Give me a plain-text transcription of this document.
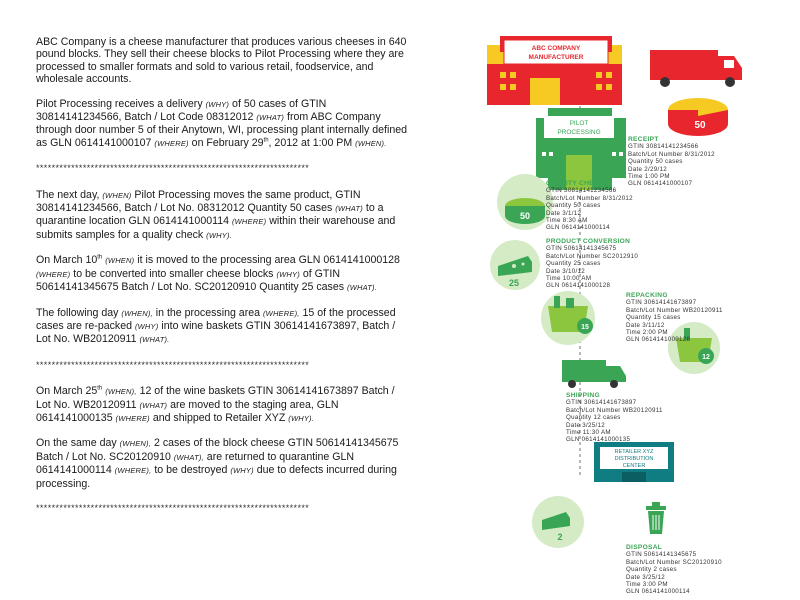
ABC Company is a cheese manufacturer that produces various cheeses in 640 pound blocks. They sell their cheese blocks to Pilot Processing where they are processed to smaller formats and sold to various retail, foodservice, and wholesale accounts.

Pilot Processing receives a delivery (WHY) of 50 cases of GTIN 30814141234566, Batch / Lot Code 08312012 (WHAT) from ABC Company through door number 5 of their Anytown, WI, processing plant internally defined as GLN 0614141000107 (WHERE) on February 29th, 2012 at 1:00 PM (WHEN).

**********************************************************************

The next day, (WHEN) Pilot Processing moves the same product, GTIN 30814141234566, Batch / Lot No. 08312012 Quantity 50 cases (WHAT) to a quarantine location GLN 0614141000114 (WHERE) within their warehouse and submits samples for a quality check (WHY).

On March 10th (WHEN) it is moved to the processing area GLN 0614141000128 (WHERE) to be converted into smaller cheese blocks (WHY) of GTIN 50614141345675 Batch / Lot No. SC20120910 Quantity 25 cases (WHAT).

The following day (WHEN), in the processing area (WHERE), 15 of the processed cases are re-packed (WHY) into wine baskets GTIN 30614141673897, Batch / Lot No. WB20120911 (WHAT).

**********************************************************************

On March 25th (WHEN), 12 of the wine baskets GTIN 30614141673897 Batch / Lot No. WB20120911 (WHAT) are moved to the staging area, GLN 0614141000135 (WHERE) and shipped to Retailer XYZ (WHY).

On the same day (WHEN), 2 cases of the block cheese GTIN 50614141345675 Batch / Lot No. SC20120910 (WHAT), are returned to quarantine GLN 0614141000114 (WHERE), to be destroyed (WHY) due to defects incurred during processing.

**********************************************************************
ABC COMPANY
MANUFACTURER
50
PILOT
PROCESSING
50
25
15
12
RETAILER XYZ
DISTRIBUTION
CENTER
2
RECEIPT
GTIN 30814141234566
Batch/Lot Number 8/31/2012
Quantity 50 cases
Date 2/29/12
Time 1:00 PM
GLN 0614141000107
QUALITY CHECK
GTIN 30814141234566
Batch/Lot Number 8/31/2012
Quantity 50 cases
Date 3/1/12
Time 8:30 AM
GLN 0614141000114
PRODUCT CONVERSION
GTIN 50614141345675
Batch/Lot Number SC2012910
Quantity 25 cases
Date 3/10/12
Time 10:00 AM
GLN 0614141000128
REPACKING
GTIN 30614141673897
Batch/Lot Number WB20120911
Quantity 15 cases
Date 3/11/12
Time 2:00 PM
GLN 0614141000128
SHIPPING
GTIN 30614141673897
Batch/Lot Number WB20120911
Quantity 12 cases
Date 3/25/12
Time 11:30 AM
GLN 0614141000135
DISPOSAL
GTIN 50614141345675
Batch/Lot Number SC20120910
Quantity 2 cases
Date 3/25/12
Time 3:00 PM
GLN 0614141000114
